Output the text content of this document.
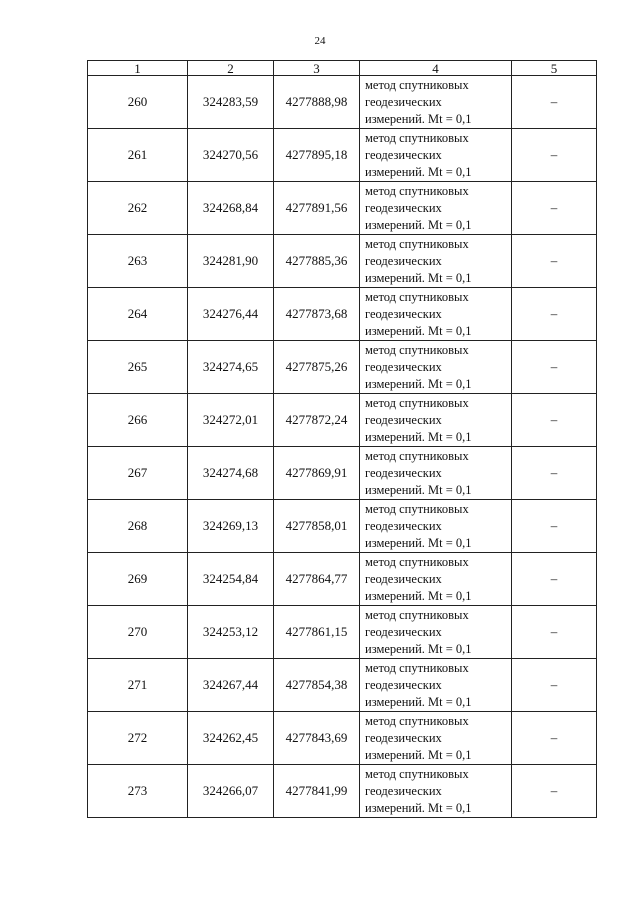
24
1	2	3	4	5
260	324283,59	4277888,98	метод спутниковых
геодезических
измерений. Mt = 0,1	–
261	324270,56	4277895,18	метод спутниковых
геодезических
измерений. Mt = 0,1	–
262	324268,84	4277891,56	метод спутниковых
геодезических
измерений. Mt = 0,1	–
263	324281,90	4277885,36	метод спутниковых
геодезических
измерений. Mt = 0,1	–
264	324276,44	4277873,68	метод спутниковых
геодезических
измерений. Mt = 0,1	–
265	324274,65	4277875,26	метод спутниковых
геодезических
измерений. Mt = 0,1	–
266	324272,01	4277872,24	метод спутниковых
геодезических
измерений. Mt = 0,1	–
267	324274,68	4277869,91	метод спутниковых
геодезических
измерений. Mt = 0,1	–
268	324269,13	4277858,01	метод спутниковых
геодезических
измерений. Mt = 0,1	–
269	324254,84	4277864,77	метод спутниковых
геодезических
измерений. Mt = 0,1	–
270	324253,12	4277861,15	метод спутниковых
геодезических
измерений. Mt = 0,1	–
271	324267,44	4277854,38	метод спутниковых
геодезических
измерений. Mt = 0,1	–
272	324262,45	4277843,69	метод спутниковых
геодезических
измерений. Mt = 0,1	–
273	324266,07	4277841,99	метод спутниковых
геодезических
измерений. Mt = 0,1	–
